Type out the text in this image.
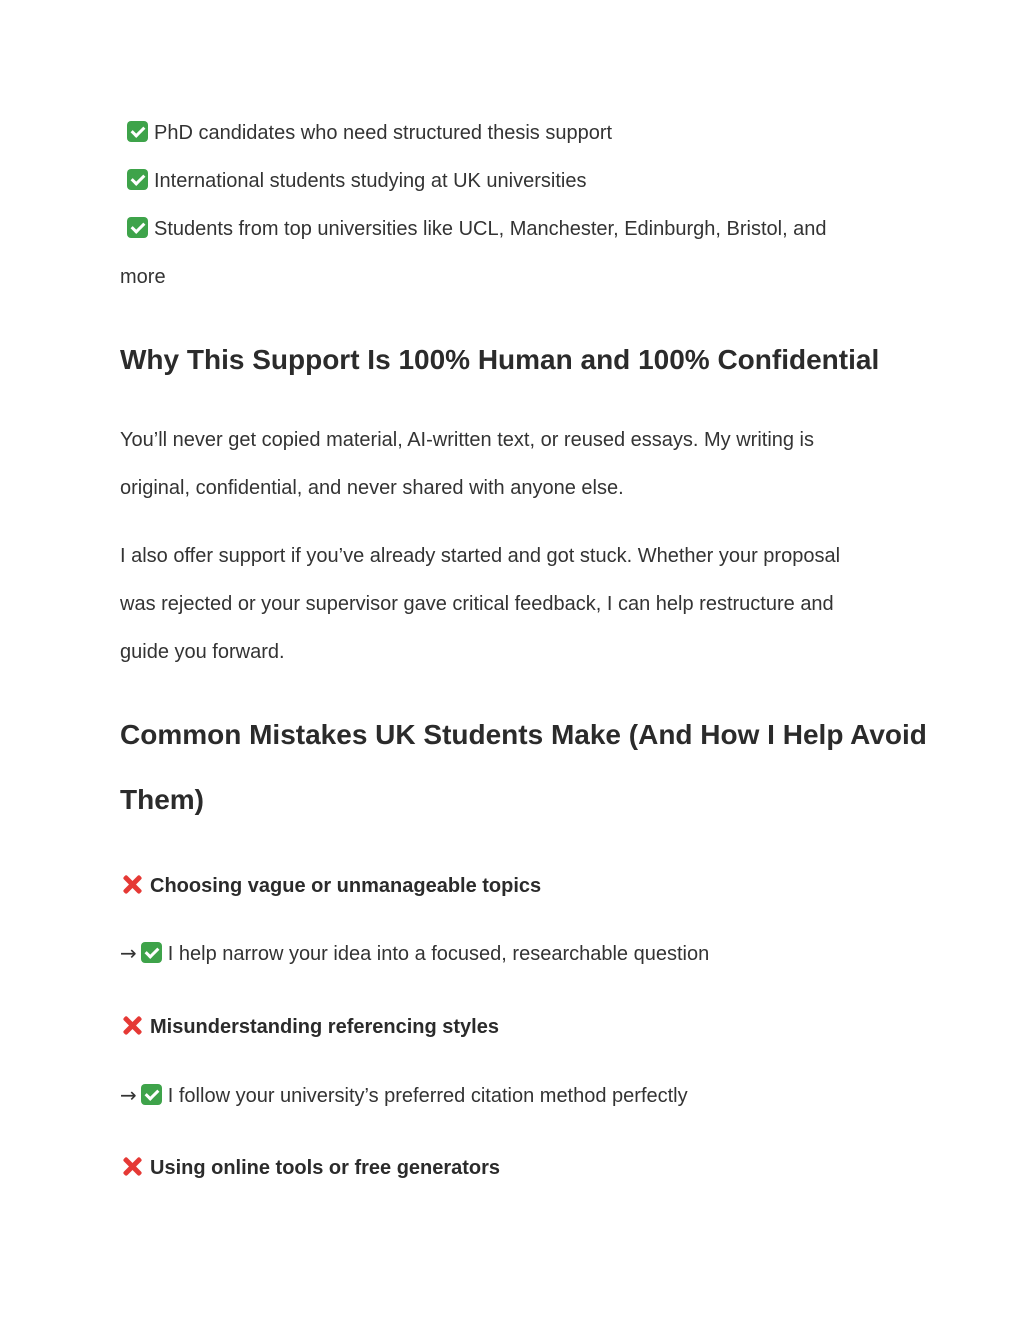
PhD candidates who need structured thesis support
International students studying at UK universities
Students from top universities like UCL, Manchester, Edinburgh, Bristol, and
more
Why This Support Is 100% Human and 100% Confidential
You’ll never get copied material, AI-written text, or reused essays. My writing is
original, confidential, and never shared with anyone else.
I also offer support if you’ve already started and got stuck. Whether your proposal
was rejected or your supervisor gave critical feedback, I can help restructure and
guide you forward.
Common Mistakes UK Students Make (And How I Help Avoid
Them)
Choosing vague or unmanageable topics
→ I help narrow your idea into a focused, researchable question
Misunderstanding referencing styles
→ I follow your university’s preferred citation method perfectly
Using online tools or free generators
